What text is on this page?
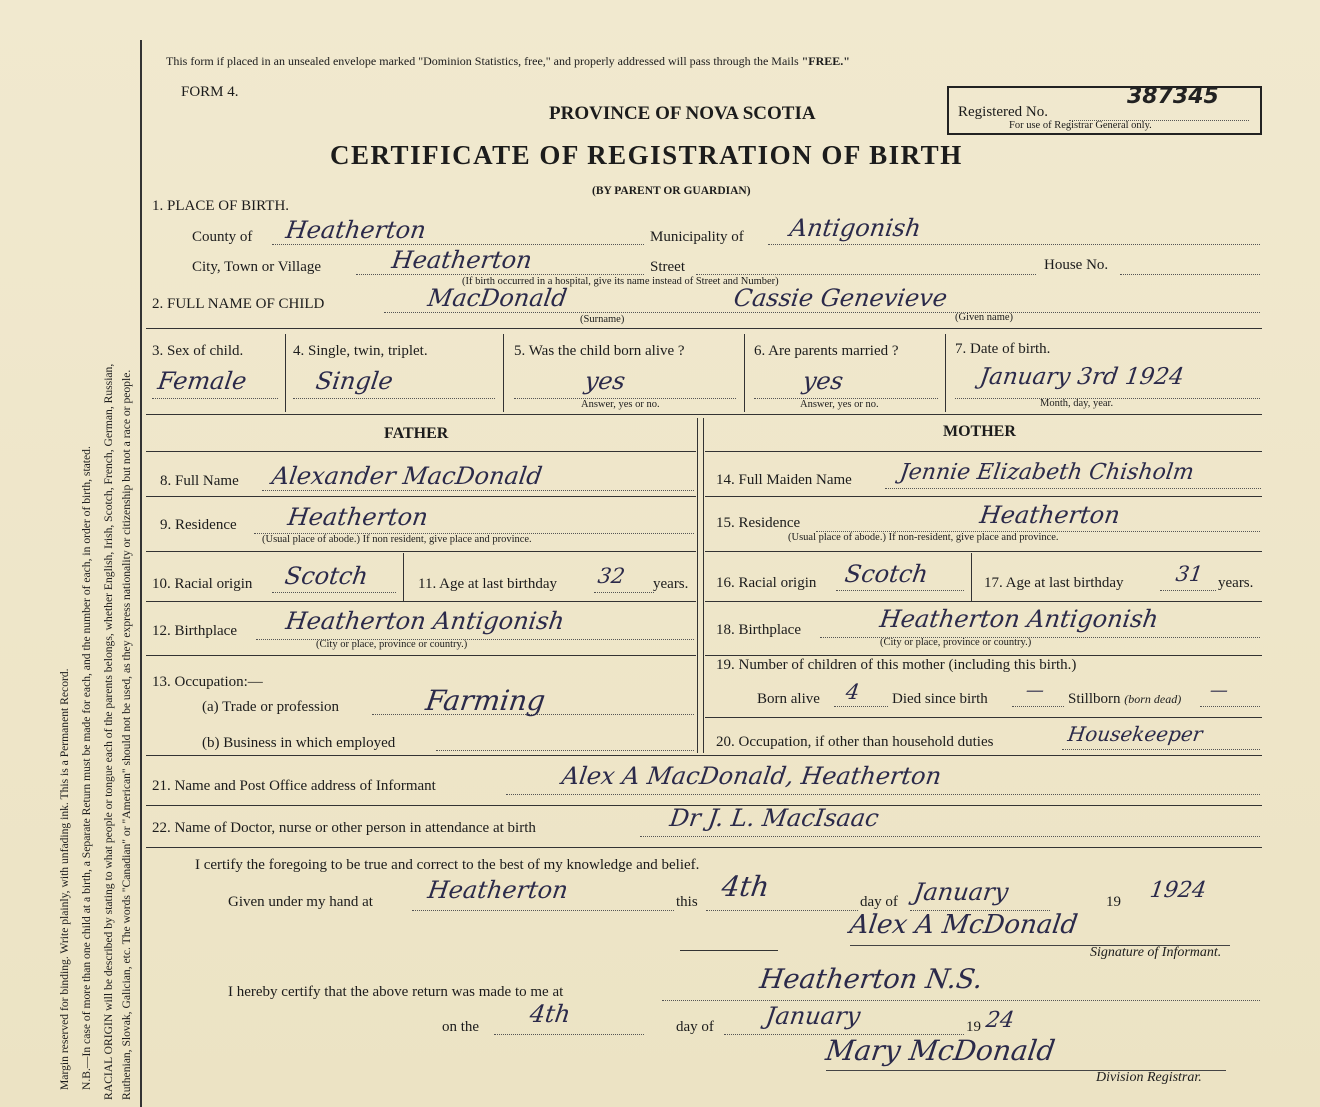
Margin reserved for binding. Write plainly, with unfading ink. This is a Permanent Record. N.B.—In case of more than one child at a birth, a Separate Return must be made for each, and the number of each, in order of birth, stated. RACIAL ORIGIN will be described by stating to what people or tongue each of the parents belongs, whether English, Irish, Scotch, French, German, Russian, Ruthenian, Slovak, Galician, etc. The words "Canadian" or "American" should not be used, as they express nationality or citizenship but not a race or people.
This form if placed in an unsealed envelope marked "Dominion Statistics, free," and properly addressed will pass through the Mails "FREE."
FORM 4.
PROVINCE OF NOVA SCOTIA	Registered No.
387345
For use of Registrar General only.
CERTIFICATE OF REGISTRATION OF BIRTH
(BY PARENT OR GUARDIAN)
1. PLACE OF BIRTH.
County of Heatherton	Municipality of Antigonish
City, Town or Village	Heatherton	Street	House No.
(If birth occurred in a hospital, give its name instead of Street and Number)
2. FULL NAME OF CHILD	MacDonald	Cassie Genevieve
(Surname)	(Given name)
3. Sex of child.
Female
4. Single, twin, triplet.
Single
5. Was the child born alive ?
yes
Answer, yes or no.
6. Are parents married ?
yes
Answer, yes or no.
7. Date of birth.
January 3rd 1924
Month, day, year.
FATHER	MOTHER
8. Full Name Alexander MacDonald	14. Full Maiden Name Jennie Elizabeth Chisholm
9. Residence Heatherton
(Usual place of abode.) If non resident, give place and province.
15. Residence	Heatherton
(Usual place of abode.) If non-resident, give place and province.
10. Racial origin Scotch	11. Age at last birthday 32 years. 16. Racial origin Scotch	17. Age at last birthday 31 years.
12. Birthplace Heatherton Antigonish
(City or place, province or country.)
18. Birthplace	Heatherton Antigonish
(City or place, province or country.)
13. Occupation:—
(a) Trade or profession	Farming
(b) Business in which employed
19. Number of children of this mother (including this birth.)
Born alive 4 Died since birth — Stillborn (born dead) —
20. Occupation, if other than household duties	Housekeeper
21. Name and Post Office address of Informant	Alex A MacDonald, Heatherton
22. Name of Doctor, nurse or other person in attendance at birth	Dr J. L. MacIsaac
I certify the foregoing to be true and correct to the best of my knowledge and belief.
Given under my hand at Heatherton	this 4th	day of January	19 1924
Alex A McDonald
Signature of Informant.
I hereby certify that the above return was made to me at	Heatherton N.S.
on the 4th	day of January	19 24
Mary McDonald
Division Registrar.
